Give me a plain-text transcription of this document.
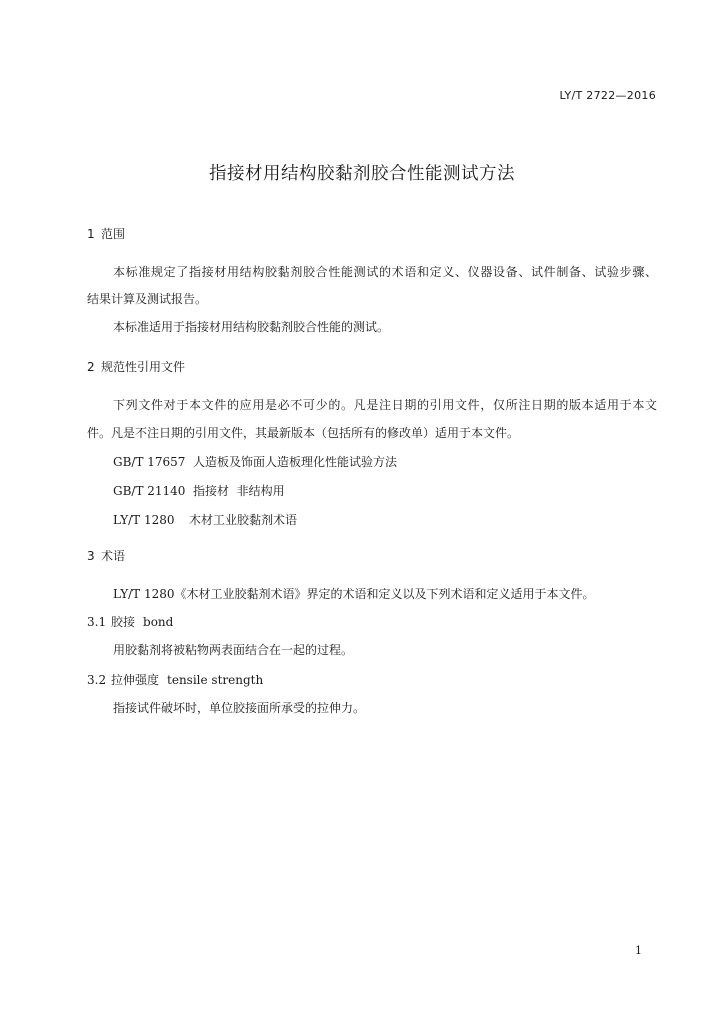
LY/T 2722—2016
指接材用结构胶黏剂胶合性能测试方法
1 范围
本标准规定了指接材用结构胶黏剂胶合性能测试的术语和定义、仪器设备、试件制备、试验步骤、
结果计算及测试报告。
本标准适用于指接材用结构胶黏剂胶合性能的测试。
2 规范性引用文件
下列文件对于本文件的应用是必不可少的。凡是注日期的引用文件，仅所注日期的版本适用于本文
件。凡是不注日期的引用文件，其最新版本（包括所有的修改单）适用于本文件。
GB/T 17657 人造板及饰面人造板理化性能试验方法
GB/T 21140 指接材  非结构用
LY/T 1280 木材工业胶黏剂术语
3 术语
LY/T 1280《木材工业胶黏剂术语》界定的术语和定义以及下列术语和定义适用于本文件。
3.1 胶接 bond
用胶黏剂将被粘物两表面结合在一起的过程。
3.2 拉伸强度 tensile strength
指接试件破坏时，单位胶接面所承受的拉伸力。
1
